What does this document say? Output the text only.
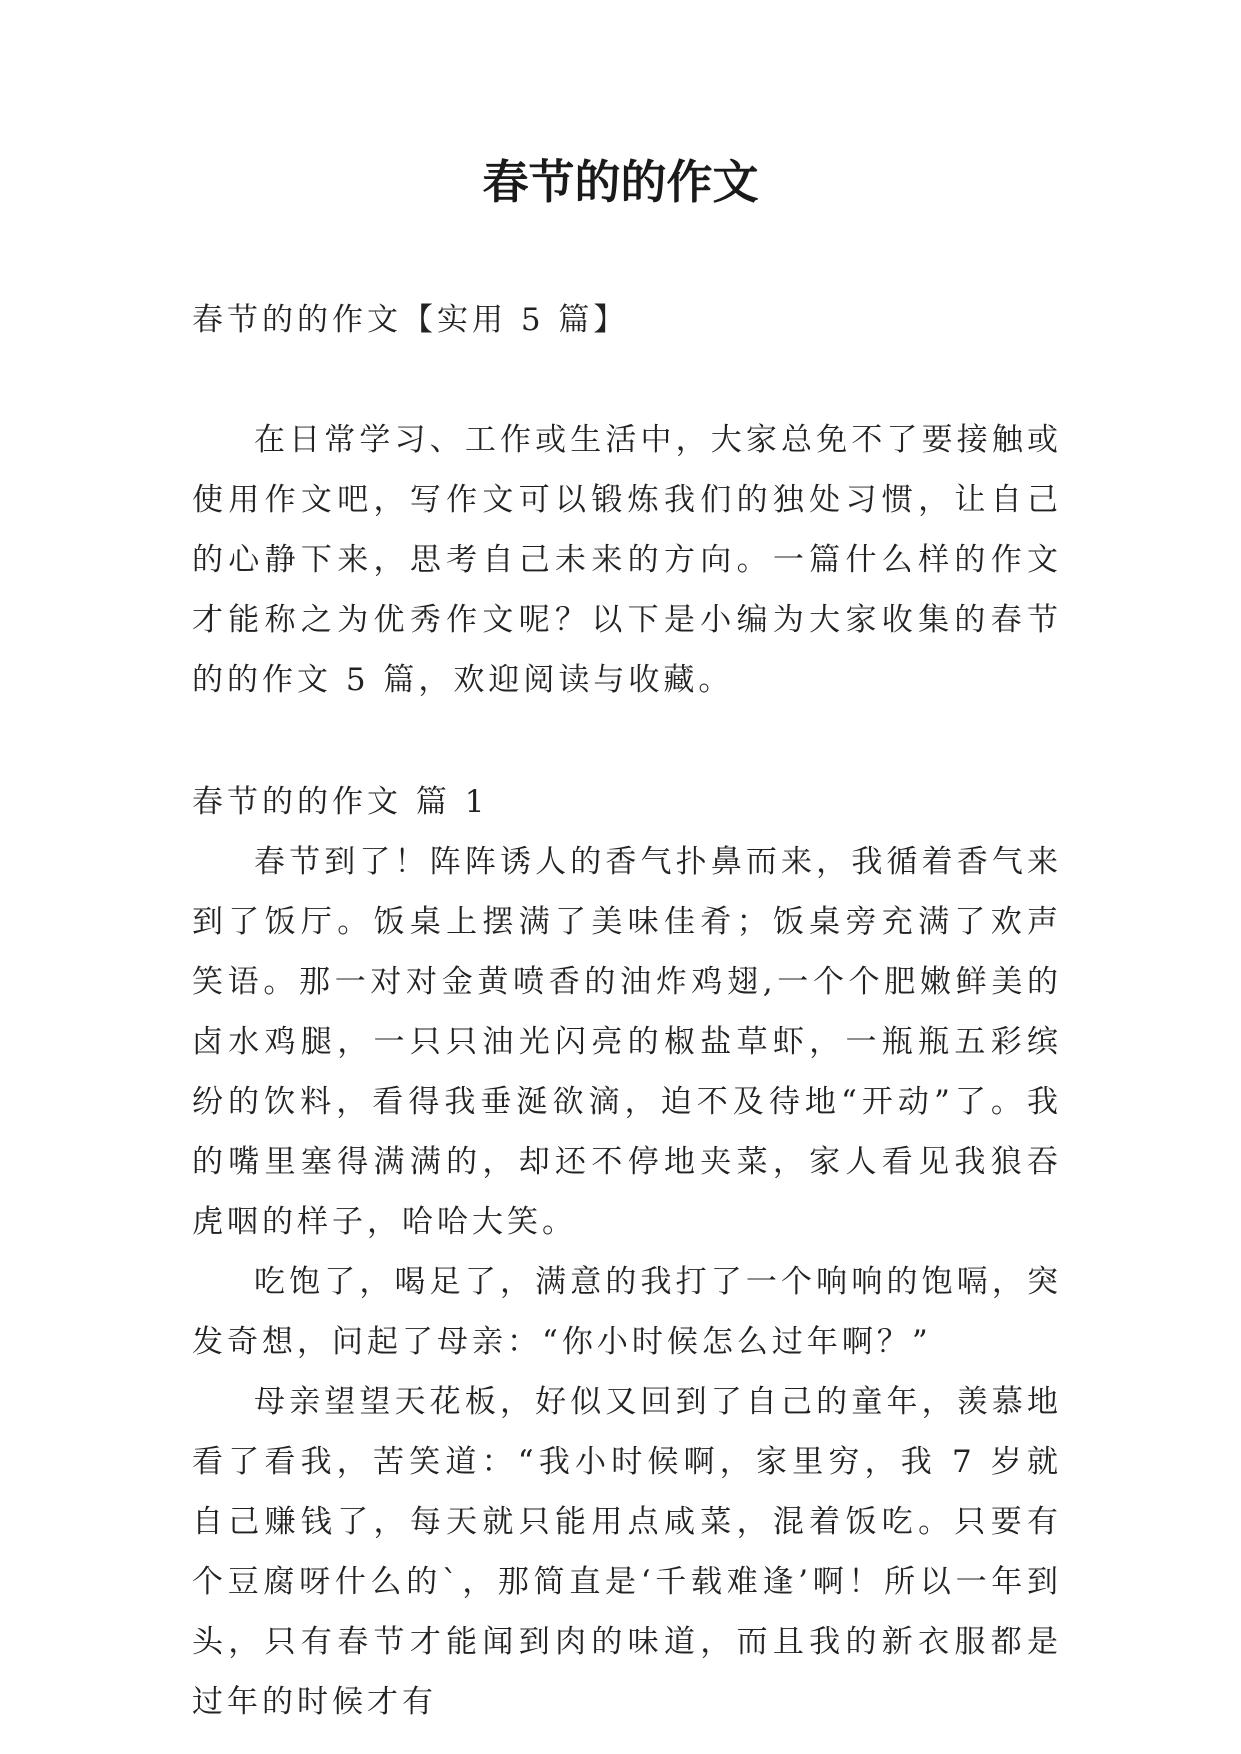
春节的的作文

春节的的作文【实用 5 篇】

在日常学习、工作或生活中，大家总免不了要接触或使用作文吧，写作文可以锻炼我们的独处习惯，让自己的心静下来，思考自己未来的方向。一篇什么样的作文才能称之为优秀作文呢？以下是小编为大家收集的春节的的作文 5 篇，欢迎阅读与收藏。

春节的的作文 篇 1

春节到了！阵阵诱人的香气扑鼻而来，我循着香气来到了饭厅。饭桌上摆满了美味佳肴；饭桌旁充满了欢声笑语。那一对对金黄喷香的油炸鸡翅,一个个肥嫩鲜美的卤水鸡腿，一只只油光闪亮的椒盐草虾，一瓶瓶五彩缤纷的饮料，看得我垂涎欲滴，迫不及待地“开动”了。我的嘴里塞得满满的，却还不停地夹菜，家人看见我狼吞虎咽的样子，哈哈大笑。

吃饱了，喝足了，满意的我打了一个响响的饱嗝，突发奇想，问起了母亲：“你小时候怎么过年啊？”

母亲望望天花板，好似又回到了自己的童年，羡慕地看了看我，苦笑道：“我小时候啊，家里穷，我 7 岁就自己赚钱了，每天就只能用点咸菜，混着饭吃。只要有个豆腐呀什么的`，那简直是‘千载难逢’啊！所以一年到头，只有春节才能闻到肉的味道，而且我的新衣服都是过年的时候才有
